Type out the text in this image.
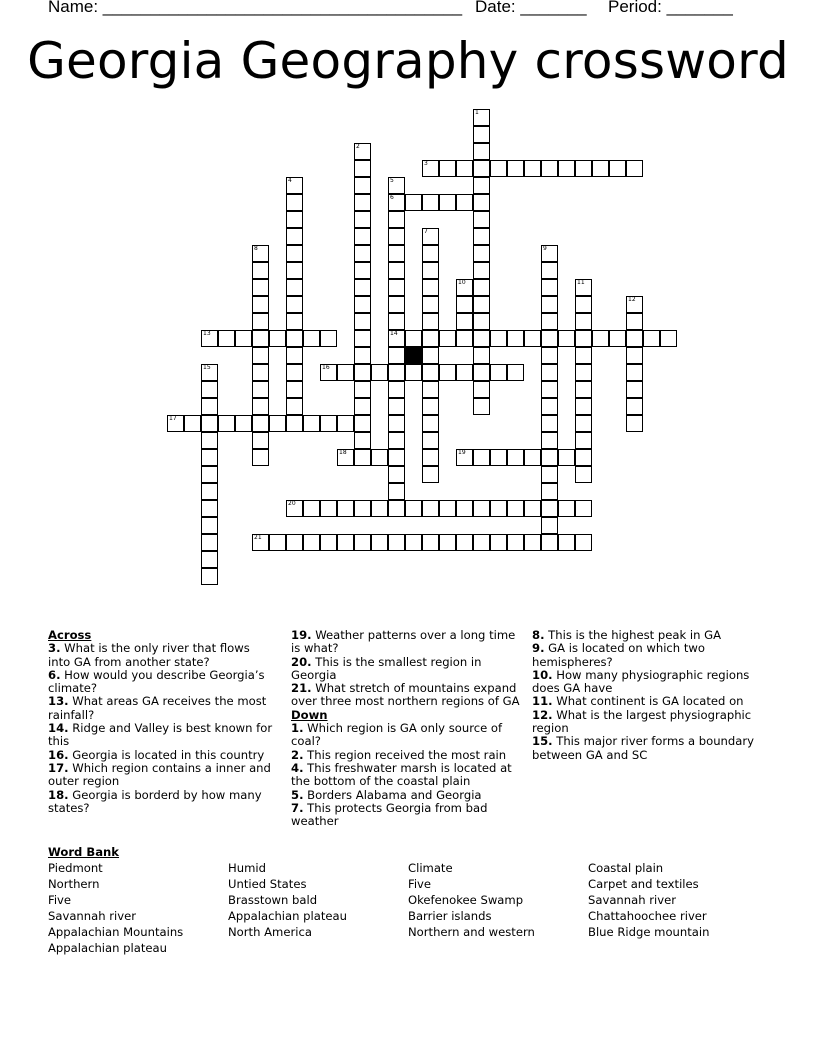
Name: ______________________________________ Date: _______ Period: _______
Georgia Geography crossword
1
2
3
4	5
6
14
7
8	9
10	11
12
13
15	16
17
18	19
20
21
Across
3. What is the only river that flows into GA from another state?
6. How would you describe Georgia’s climate?
13. What areas GA receives the most rainfall?
14. Ridge and Valley is best known for this
16. Georgia is located in this country
17. Which region contains a inner and outer region
18. Georgia is borderd by how many states?
19. Weather patterns over a long time is what?
20. This is the smallest region in Georgia
21. What stretch of mountains expand over three most northern regions of GA
Down
1. Which region is GA only source of coal?
2. This region received the most rain
4. This freshwater marsh is located at the bottom of the coastal plain
5. Borders Alabama and Georgia
7. This protects Georgia from bad weather
8. This is the highest peak in GA
9. GA is located on which two hemispheres?
10. How many physiographic regions does GA have
11. What continent is GA located on
12. What is the largest physiographic region
15. This major river forms a boundary between GA and SC
Word Bank
Piedmont
Northern
Five
Savannah river
Appalachian Mountains
Appalachian plateau
Humid
Untied States
Brasstown bald
Appalachian plateau
North America
Climate
Five
Okefenokee Swamp
Barrier islands
Northern and western
Coastal plain
Carpet and textiles
Savannah river
Chattahoochee river
Blue Ridge mountain
